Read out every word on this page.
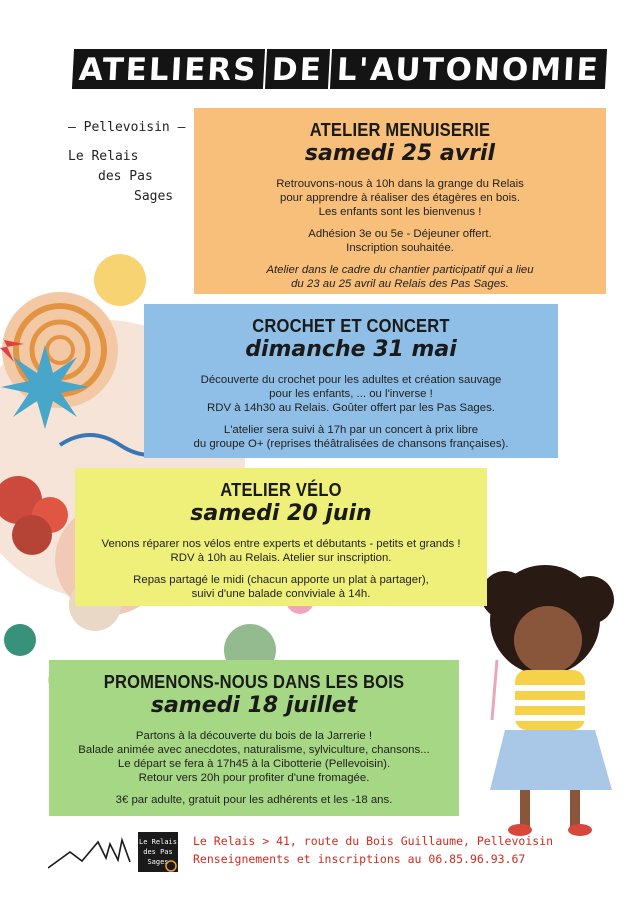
ATELIERS DE L'AUTONOMIE
– Pellevoisin –
Le Relais
des Pas
Sages
ATELIER MENUISERIE
samedi 25 avril

Retrouvons-nous à 10h dans la grange du Relais
pour apprendre à réaliser des étagères en bois.
Les enfants sont les bienvenus !

Adhésion 3e ou 5e - Déjeuner offert.
Inscription souhaitée.

Atelier dans le cadre du chantier participatif qui a lieu
du 23 au 25 avril au Relais des Pas Sages.

CROCHET ET CONCERT
dimanche 31 mai

Découverte du crochet pour les adultes et création sauvage
pour les enfants, ... ou l'inverse !
RDV à 14h30 au Relais. Goûter offert par les Pas Sages.

L'atelier sera suivi à 17h par un concert à prix libre
du groupe O+ (reprises théâtralisées de chansons françaises).

ATELIER VÉLO
samedi 20 juin

Venons réparer nos vélos entre experts et débutants - petits et grands !
RDV à 10h au Relais. Atelier sur inscription.

Repas partagé le midi (chacun apporte un plat à partager),
suivi d'une balade conviviale à 14h.

PROMENONS-NOUS DANS LES BOIS
samedi 18 juillet

Partons à la découverte du bois de la Jarrerie !
Balade animée avec anecdotes, naturalisme, sylviculture, chansons...
Le départ se fera à 17h45 à la Cibotterie (Pellevoisin).
Retour vers 20h pour profiter d'une fromagée.

3€ par adulte, gratuit pour les adhérents et les -18 ans.

Le Relais
des Pas
Sages
Le Relais > 41, route du Bois Guillaume, Pellevoisin
Renseignements et inscriptions au 06.85.96.93.67
